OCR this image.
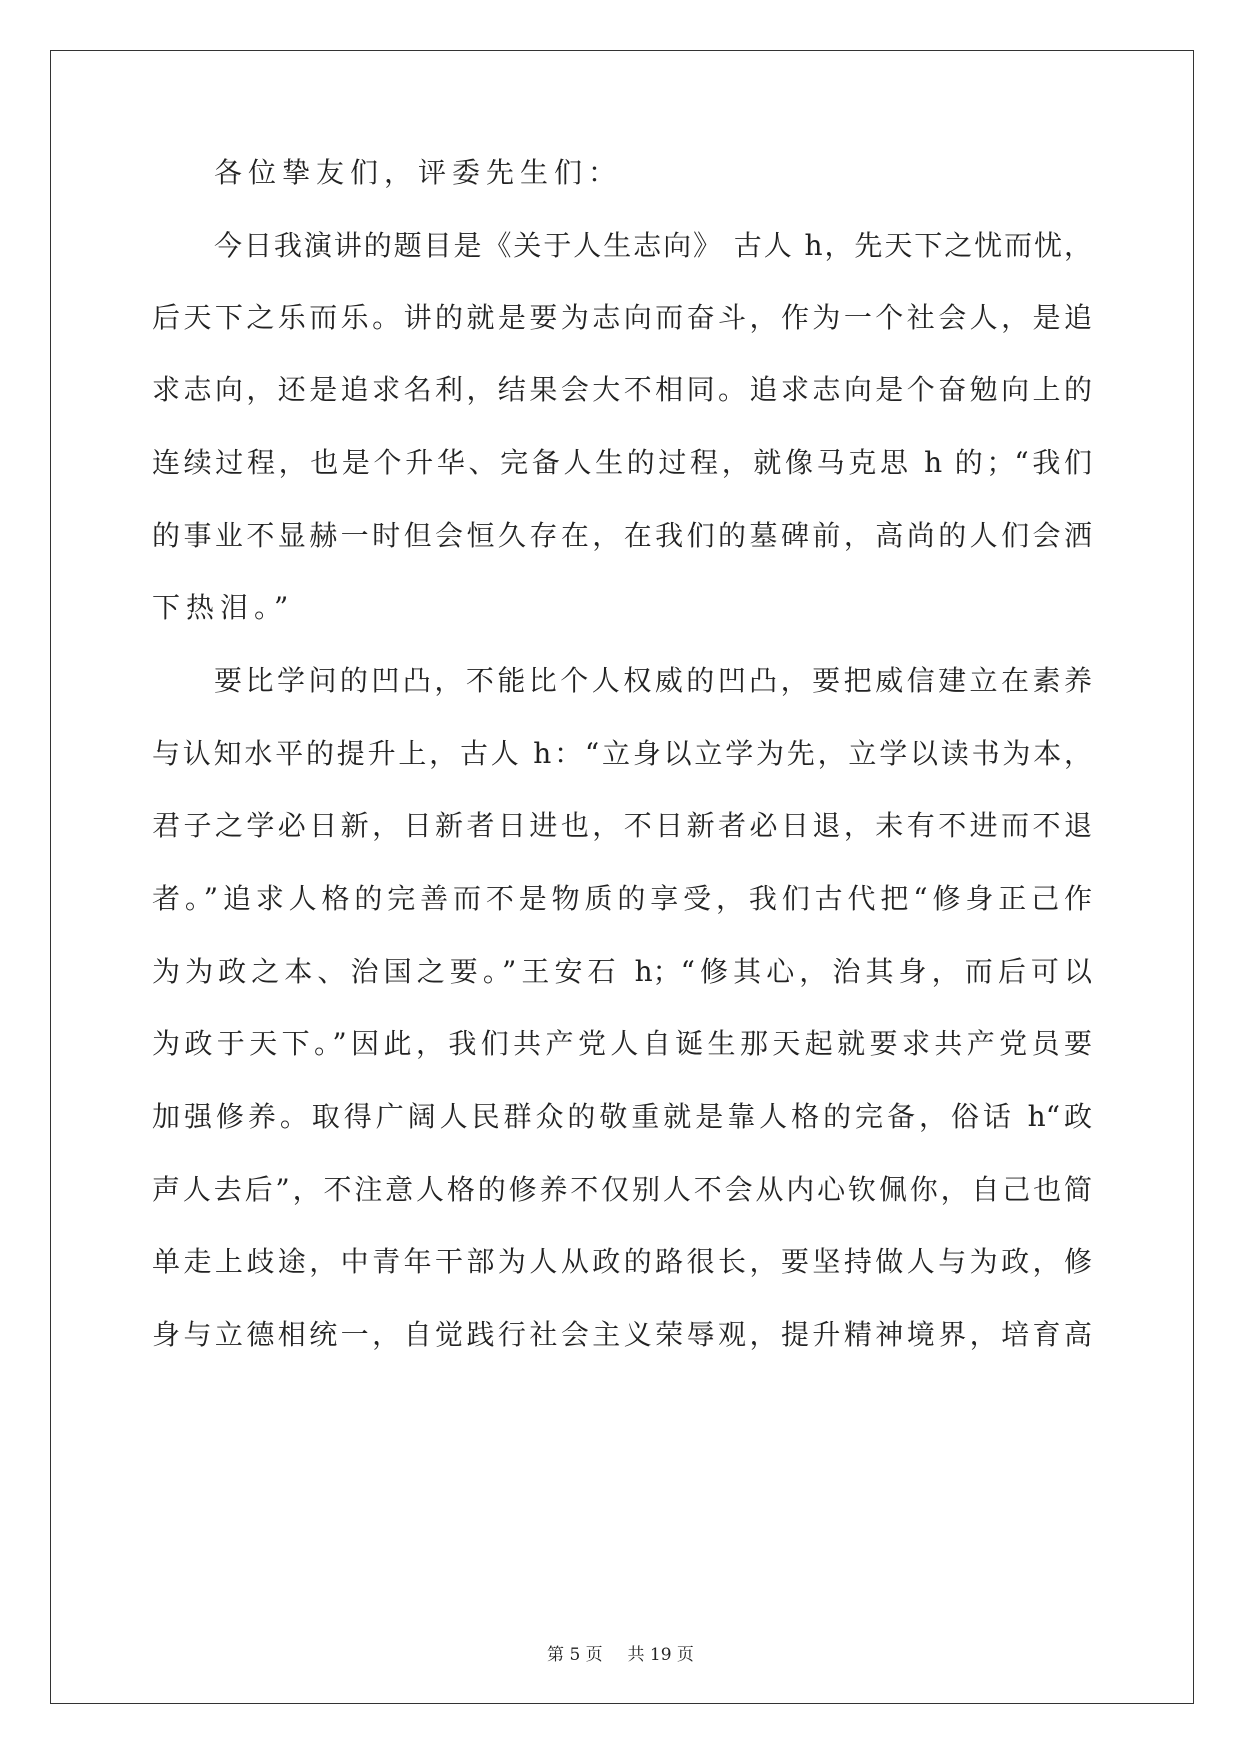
各位挚友们，评委先生们：
今日我演讲的题目是《关于人生志向》 古人 h，先天下之忧而忧，
后天下之乐而乐。讲的就是要为志向而奋斗，作为一个社会人，是追
求志向，还是追求名利，结果会大不相同。追求志向是个奋勉向上的
连续过程，也是个升华、完备人生的过程，就像马克思 h 的；“我们
的事业不显赫一时但会恒久存在，在我们的墓碑前，高尚的人们会洒
下热泪。”
要比学问的凹凸，不能比个人权威的凹凸，要把威信建立在素养
与认知水平的提升上，古人 h：“立身以立学为先，立学以读书为本，
君子之学必日新，日新者日进也，不日新者必日退，未有不进而不退
者。”追求人格的完善而不是物质的享受，我们古代把“修身正己作
为为政之本、治国之要。”王安石 h；“修其心，治其身，而后可以
为政于天下。”因此，我们共产党人自诞生那天起就要求共产党员要
加强修养。取得广阔人民群众的敬重就是靠人格的完备，俗话 h“政
声人去后”，不注意人格的修养不仅别人不会从内心钦佩你，自己也简
单走上歧途，中青年干部为人从政的路很长，要坚持做人与为政，修
身与立德相统一，自觉践行社会主义荣辱观，提升精神境界，培育高
第 5 页 共 19 页
